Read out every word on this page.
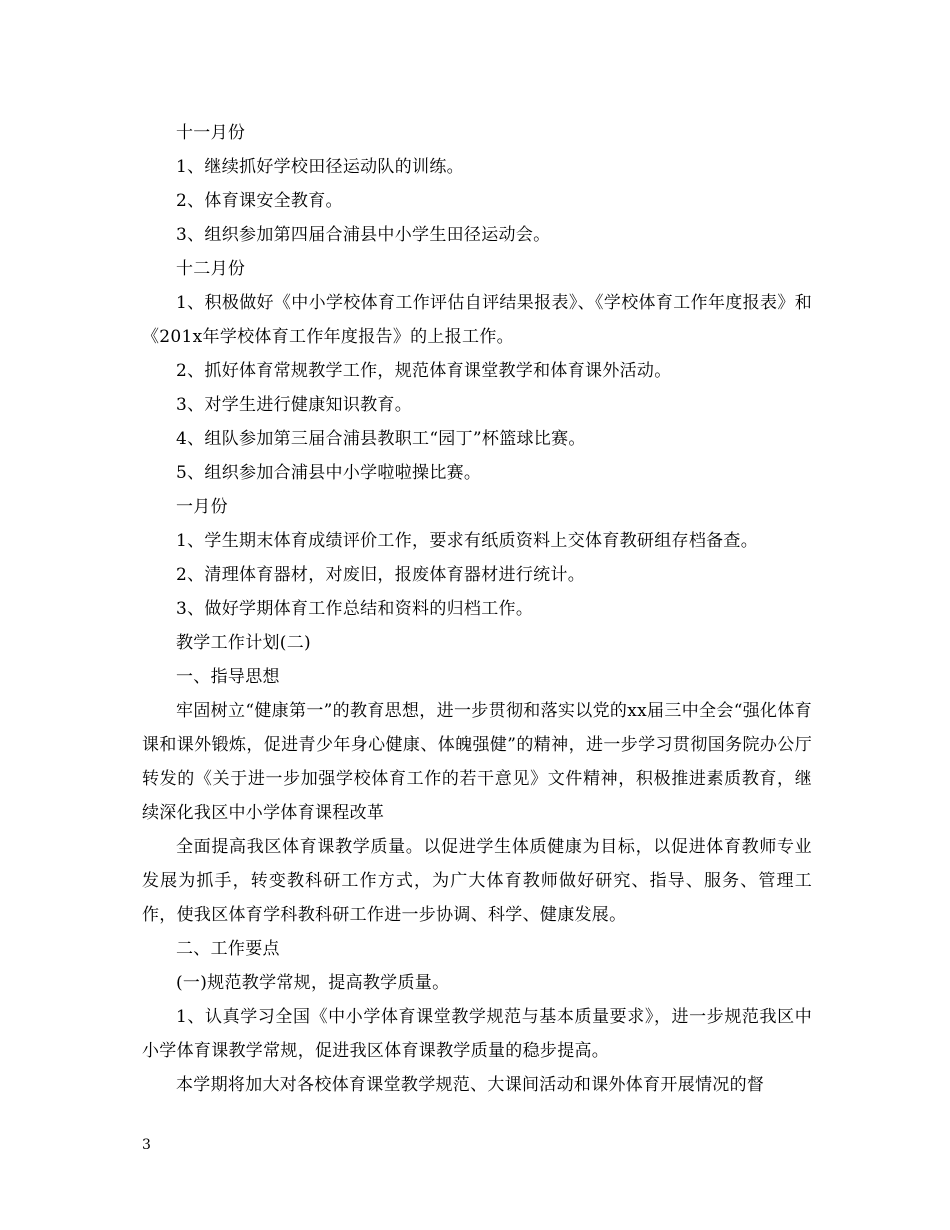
十一月份

1、继续抓好学校田径运动队的训练。

2、体育课安全教育。

3、组织参加第四届合浦县中小学生田径运动会。

十二月份

1、积极做好《中小学校体育工作评估自评结果报表》、《学校体育工作年度报表》和《201x年学校体育工作年度报告》的上报工作。

2、抓好体育常规教学工作，规范体育课堂教学和体育课外活动。

3、对学生进行健康知识教育。

4、组队参加第三届合浦县教职工“园丁”杯篮球比赛。

5、组织参加合浦县中小学啦啦操比赛。

一月份

1、学生期末体育成绩评价工作，要求有纸质资料上交体育教研组存档备查。

2、清理体育器材，对废旧，报废体育器材进行统计。

3、做好学期体育工作总结和资料的归档工作。

教学工作计划(二)

一、指导思想

牢固树立“健康第一”的教育思想，进一步贯彻和落实以党的xx届三中全会“强化体育课和课外锻炼，促进青少年身心健康、体魄强健”的精神，进一步学习贯彻国务院办公厅转发的《关于进一步加强学校体育工作的若干意见》文件精神，积极推进素质教育，继续深化我区中小学体育课程改革

全面提高我区体育课教学质量。以促进学生体质健康为目标，以促进体育教师专业发展为抓手，转变教科研工作方式，为广大体育教师做好研究、指导、服务、管理工作，使我区体育学科教科研工作进一步协调、科学、健康发展。

二、工作要点

(一)规范教学常规，提高教学质量。

1、认真学习全国《中小学体育课堂教学规范与基本质量要求》，进一步规范我区中小学体育课教学常规，促进我区体育课教学质量的稳步提高。

本学期将加大对各校体育课堂教学规范、大课间活动和课外体育开展情况的督

3
